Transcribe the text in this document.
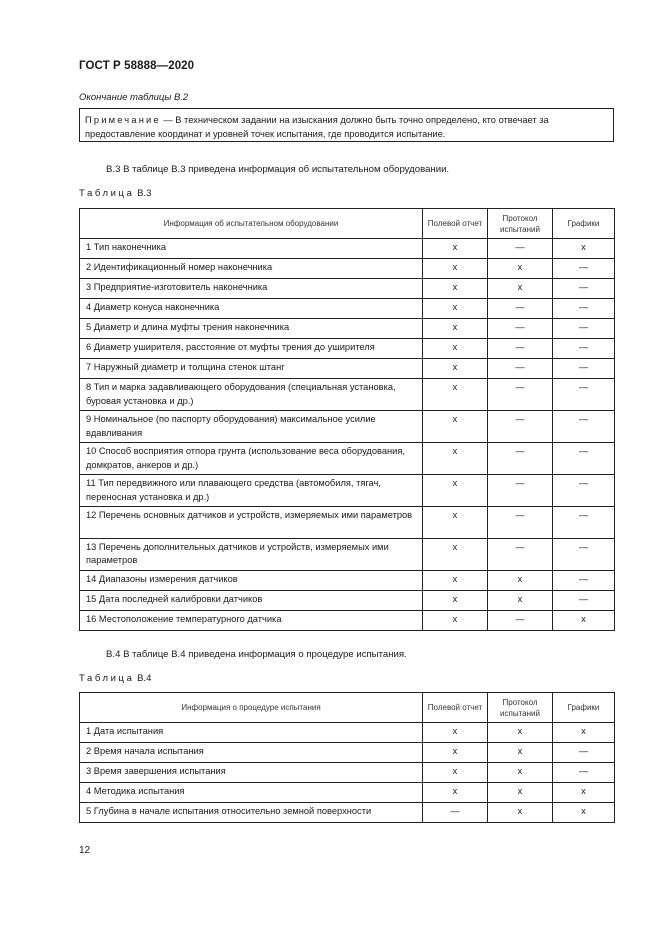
ГОСТ Р 58888—2020
Окончание таблицы В.2
Примечание — В техническом задании на изыскания должно быть точно определено, кто отвечает за
предоставление координат и уровней точек испытания, где проводится испытание.
В.3 В таблице В.3 приведена информация об испытательном оборудовании.
Таблица В.3
Информация об испытательном оборудовании	Полевой отчет	Протокол испытаний	Графики
1 Тип наконечника	x	—	x
2 Идентификационный номер наконечника	x	x	—
3 Предприятие-изготовитель наконечника	x	x	—
4 Диаметр конуса наконечника	x	—	—
5 Диаметр и длина муфты трения наконечника	x	—	—
6 Диаметр уширителя, расстояние от муфты трения до уширителя	x	—	—
7 Наружный диаметр и толщина стенок штанг	x	—	—
8 Тип и марка задавливающего оборудования (специальная установка, буровая установка и др.)	x	—	—
9 Номинальное (по паспорту оборудования) максимальное усилие вдавливания	x	—	—
10 Способ восприятия отпора грунта (использование веса оборудования, домкратов, анкеров и др.)	x	—	—
11 Тип передвижного или плавающего средства (автомобиля, тягач, переносная установка и др.)	x	—	—
12 Перечень основных датчиков и устройств, измеряемых ими параметров	x	—	—
13 Перечень дополнительных датчиков и устройств, измеряемых ими параметров	x	—	—
14 Диапазоны измерения датчиков	x	x	—
15 Дата последней калибровки датчиков	x	x	—
16 Местоположение температурного датчика	x	—	x
В.4 В таблице В.4 приведена информация о процедуре испытания.
Таблица В.4
Информация о процедуре испытания	Полевой отчет	Протокол испытаний	Графики
1 Дата испытания	x	x	x
2 Время начала испытания	x	x	—
3 Время завершения испытания	x	x	—
4 Методика испытания	x	x	x
5 Глубина в начале испытания относительно земной поверхности	—	x	x
12
